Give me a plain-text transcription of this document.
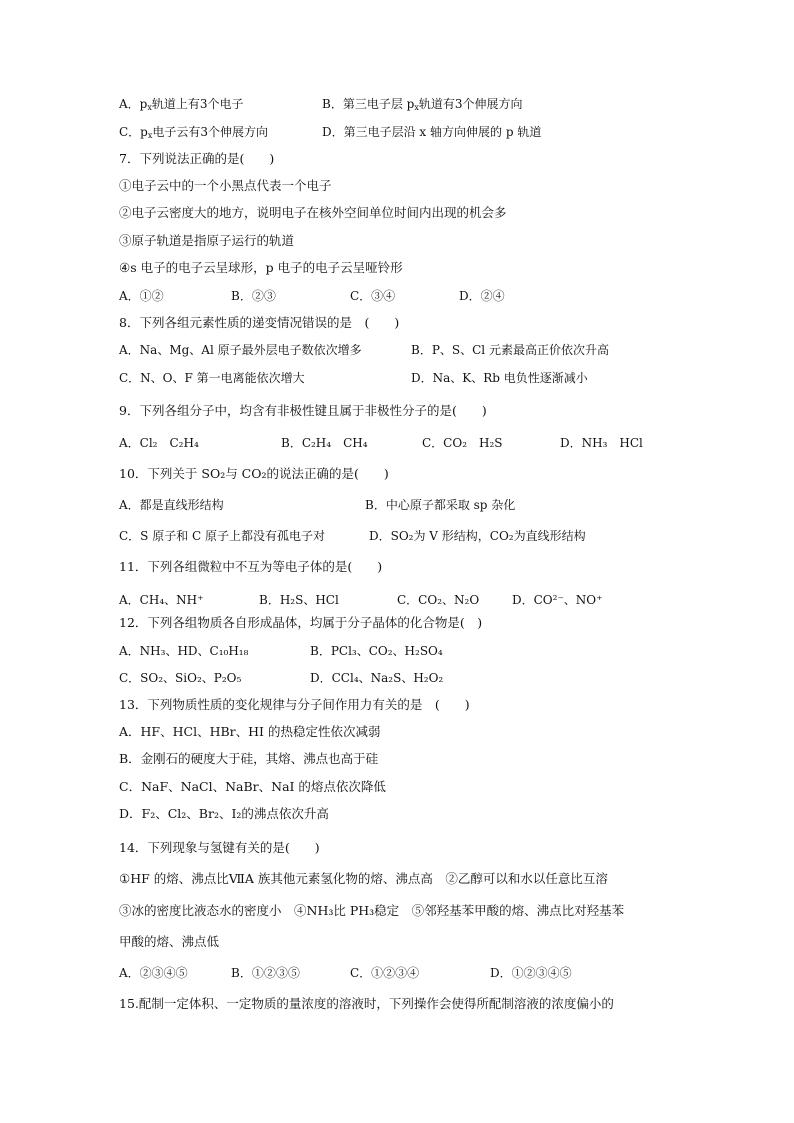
A．$p_x$轨道上有3个电子	B．第三电子层 $p_x$轨道有3个伸展方向
C．$p_x$电子云有3个伸展方向	D．第三电子层沿 x 轴方向伸展的 p 轨道
7．下列说法正确的是(　　)
①电子云中的一个小黑点代表一个电子
②电子云密度大的地方，说明电子在核外空间单位时间内出现的机会多
③原子轨道是指原子运行的轨道
④s 电子的电子云呈球形，p 电子的电子云呈哑铃形
A．①②	B．②③	C．③④	D．②④
8．下列各组元素性质的递变情况错误的是　(　　)
A．Na、Mg、Al 原子最外层电子数依次增多	B．P、S、Cl 元素最高正价依次升高
C．N、O、F 第一电离能依次增大	D．Na、K、Rb 电负性逐渐减小
9．下列各组分子中，均含有非极性键且属于非极性分子的是(　　)
A．Cl₂　C₂H₄	B．C₂H₄　CH₄	C．CO₂　H₂S	D．NH₃　HCl
10．下列关于 SO₂与 CO₂的说法正确的是(　　)
A．都是直线形结构	B．中心原子都采取 sp 杂化
C．S 原子和 C 原子上都没有孤电子对	D．SO₂为 V 形结构，CO₂为直线形结构
11．下列各组微粒中不互为等电子体的是(　　)
A．CH₄、NH⁺	B．H₂S、HCl	C．CO₂、N₂O	D．CO²⁻、NO⁺
12．下列各组物质各自形成晶体，均属于分子晶体的化合物是(　)
A．NH₃、HD、C₁₀H₁₈	B．PCl₃、CO₂、H₂SO₄
C．SO₂、SiO₂、P₂O₅	D．CCl₄、Na₂S、H₂O₂
13．下列物质性质的变化规律与分子间作用力有关的是　(　　)
A．HF、HCl、HBr、HI 的热稳定性依次减弱
B．金刚石的硬度大于硅，其熔、沸点也高于硅
C．NaF、NaCl、NaBr、NaI 的熔点依次降低
D．F₂、Cl₂、Br₂、I₂的沸点依次升高
14．下列现象与氢键有关的是(　　)
①HF 的熔、沸点比ⅦA 族其他元素氢化物的熔、沸点高　②乙醇可以和水以任意比互溶
③冰的密度比液态水的密度小　④NH₃比 PH₃稳定　⑤邻羟基苯甲酸的熔、沸点比对羟基苯
甲酸的熔、沸点低
A．②③④⑤	B．①②③⑤	C．①②③④	D．①②③④⑤
15.配制一定体积、一定物质的量浓度的溶液时，下列操作会使得所配制溶液的浓度偏小的
